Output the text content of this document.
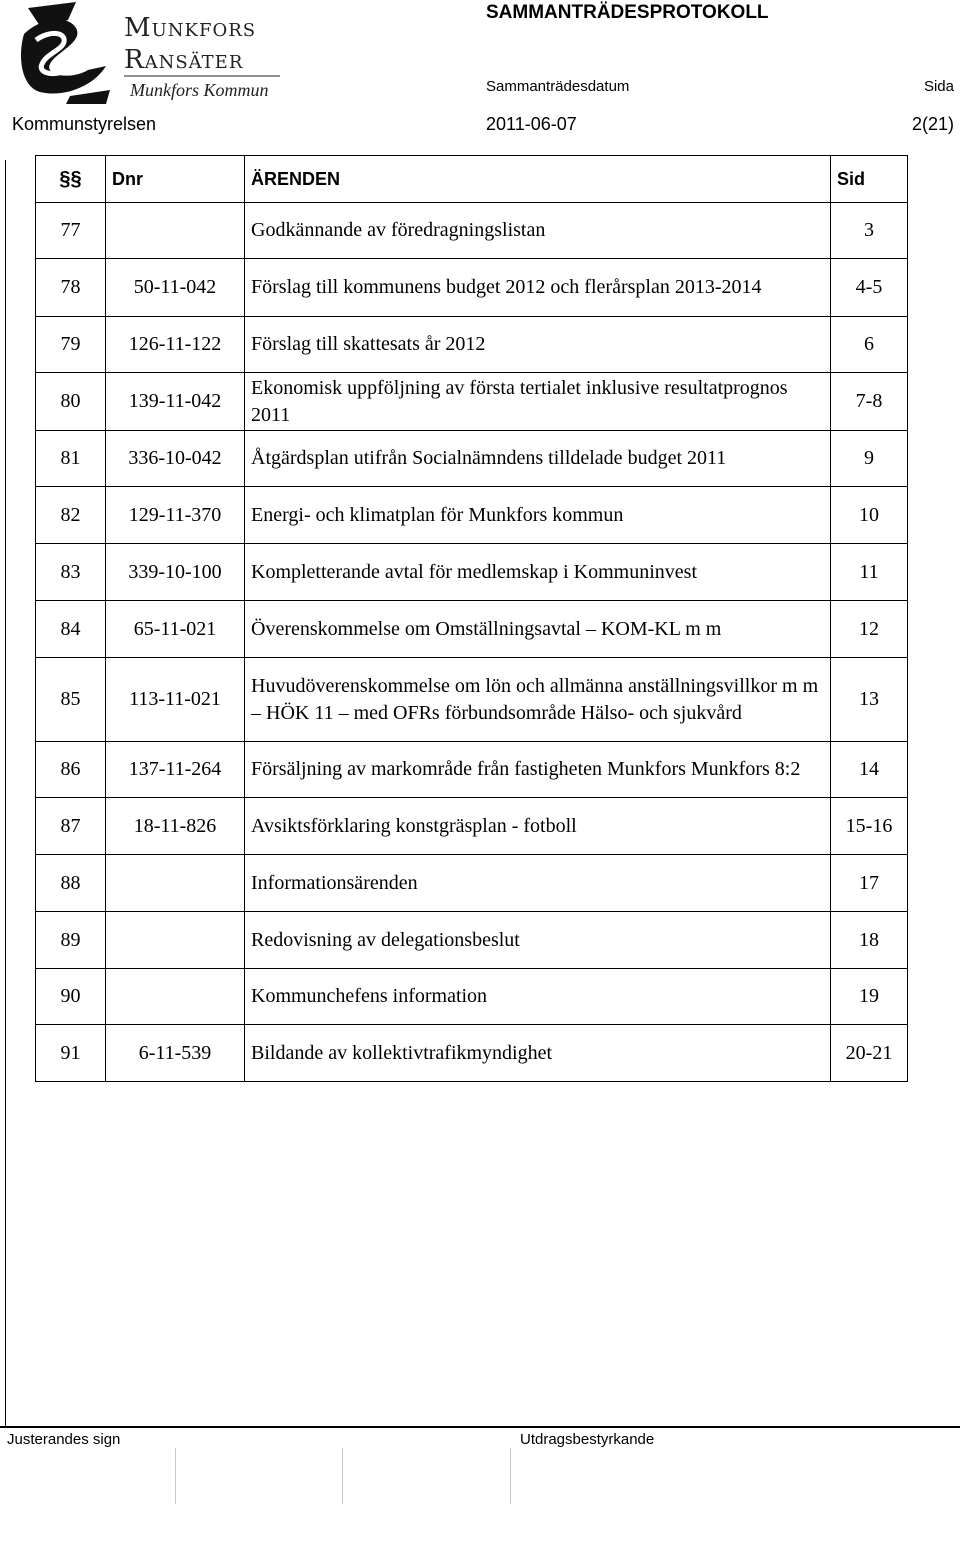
Munkfors
Ransäter
Munkfors Kommun
SAMMANTRÄDESPROTOKOLL
Sammanträdesdatum	Sida
Kommunstyrelsen	2011-06-07	2(21)
§§	Dnr	ÄRENDEN	Sid
77		Godkännande av föredragningslistan	3
78	50-11-042	Förslag till kommunens budget 2012 och flerårsplan 2013-2014	4-5
79	126-11-122	Förslag till skattesats år 2012	6
80	139-11-042	Ekonomisk uppföljning av första tertialet inklusive resultatprognos 2011	7-8
81	336-10-042	Åtgärdsplan utifrån Socialnämndens tilldelade budget 2011	9
82	129-11-370	Energi- och klimatplan för Munkfors kommun	10
83	339-10-100	Kompletterande avtal för medlemskap i Kommuninvest	11
84	65-11-021	Överenskommelse om Omställningsavtal – KOM-KL m m	12
85	113-11-021	Huvudöverenskommelse om lön och allmänna anställningsvillkor m m – HÖK 11 – med OFRs förbundsområde Hälso- och sjukvård	13
86	137-11-264	Försäljning av markområde från fastigheten Munkfors Munkfors 8:2	14
87	18-11-826	Avsiktsförklaring konstgräsplan - fotboll	15-16
88		Informationsärenden	17
89		Redovisning av delegationsbeslut	18
90		Kommunchefens information	19
91	6-11-539	Bildande av kollektivtrafikmyndighet	20-21
Justerandes sign	Utdragsbestyrkande
